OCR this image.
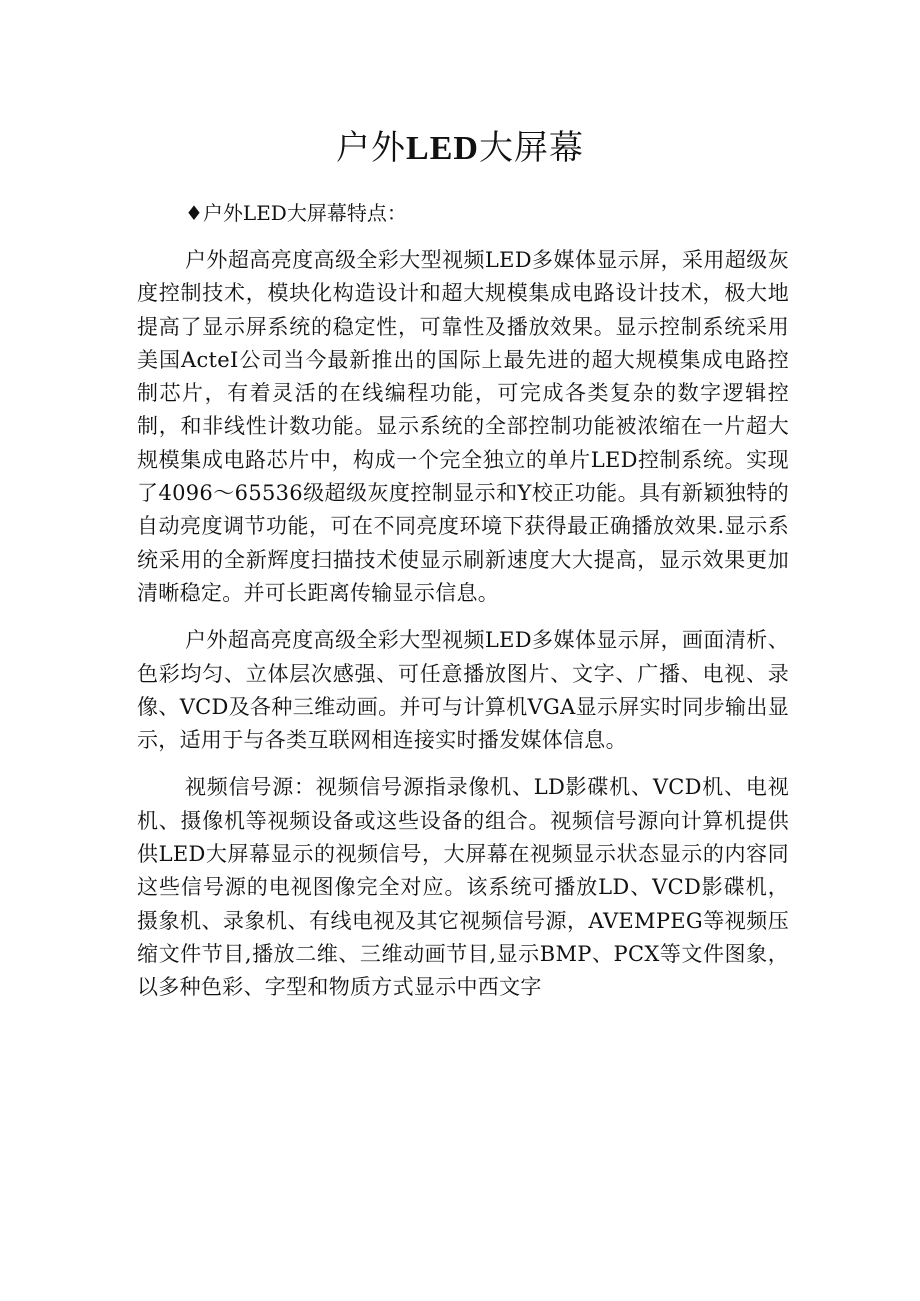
户外LED大屏幕

♦户外LED大屏幕特点：

户外超高亮度高级全彩大型视频LED多媒体显示屏，采用超级灰度控制技术，模块化构造设计和超大规模集成电路设计技术，极大地提高了显示屏系统的稳定性，可靠性及播放效果。显示控制系统采用美国ActeI公司当今最新推出的国际上最先进的超大规模集成电路控制芯片，有着灵活的在线编程功能，可完成各类复杂的数字逻辑控制，和非线性计数功能。显示系统的全部控制功能被浓缩在一片超大规模集成电路芯片中，构成一个完全独立的单片LED控制系统。实现了4096～65536级超级灰度控制显示和Y校正功能。具有新颖独特的自动亮度调节功能，可在不同亮度环境下获得最正确播放效果.显示系统采用的全新辉度扫描技术使显示刷新速度大大提高，显示效果更加清晰稳定。并可长距离传输显示信息。

户外超高亮度高级全彩大型视频LED多媒体显示屏，画面清析、色彩均匀、立体层次感强、可任意播放图片、文字、广播、电视、录像、VCD及各种三维动画。并可与计算机VGA显示屏实时同步输出显示，适用于与各类互联网相连接实时播发媒体信息。

视频信号源：视频信号源指录像机、LD影碟机、VCD机、电视机、摄像机等视频设备或这些设备的组合。视频信号源向计算机提供供LED大屏幕显示的视频信号，大屏幕在视频显示状态显示的内容同这些信号源的电视图像完全对应。该系统可播放LD、VCD影碟机，摄象机、录象机、有线电视及其它视频信号源，AVEMPEG等视频压缩文件节目,播放二维、三维动画节目,显示BMP、PCX等文件图象，以多种色彩、字型和物质方式显示中西文字
